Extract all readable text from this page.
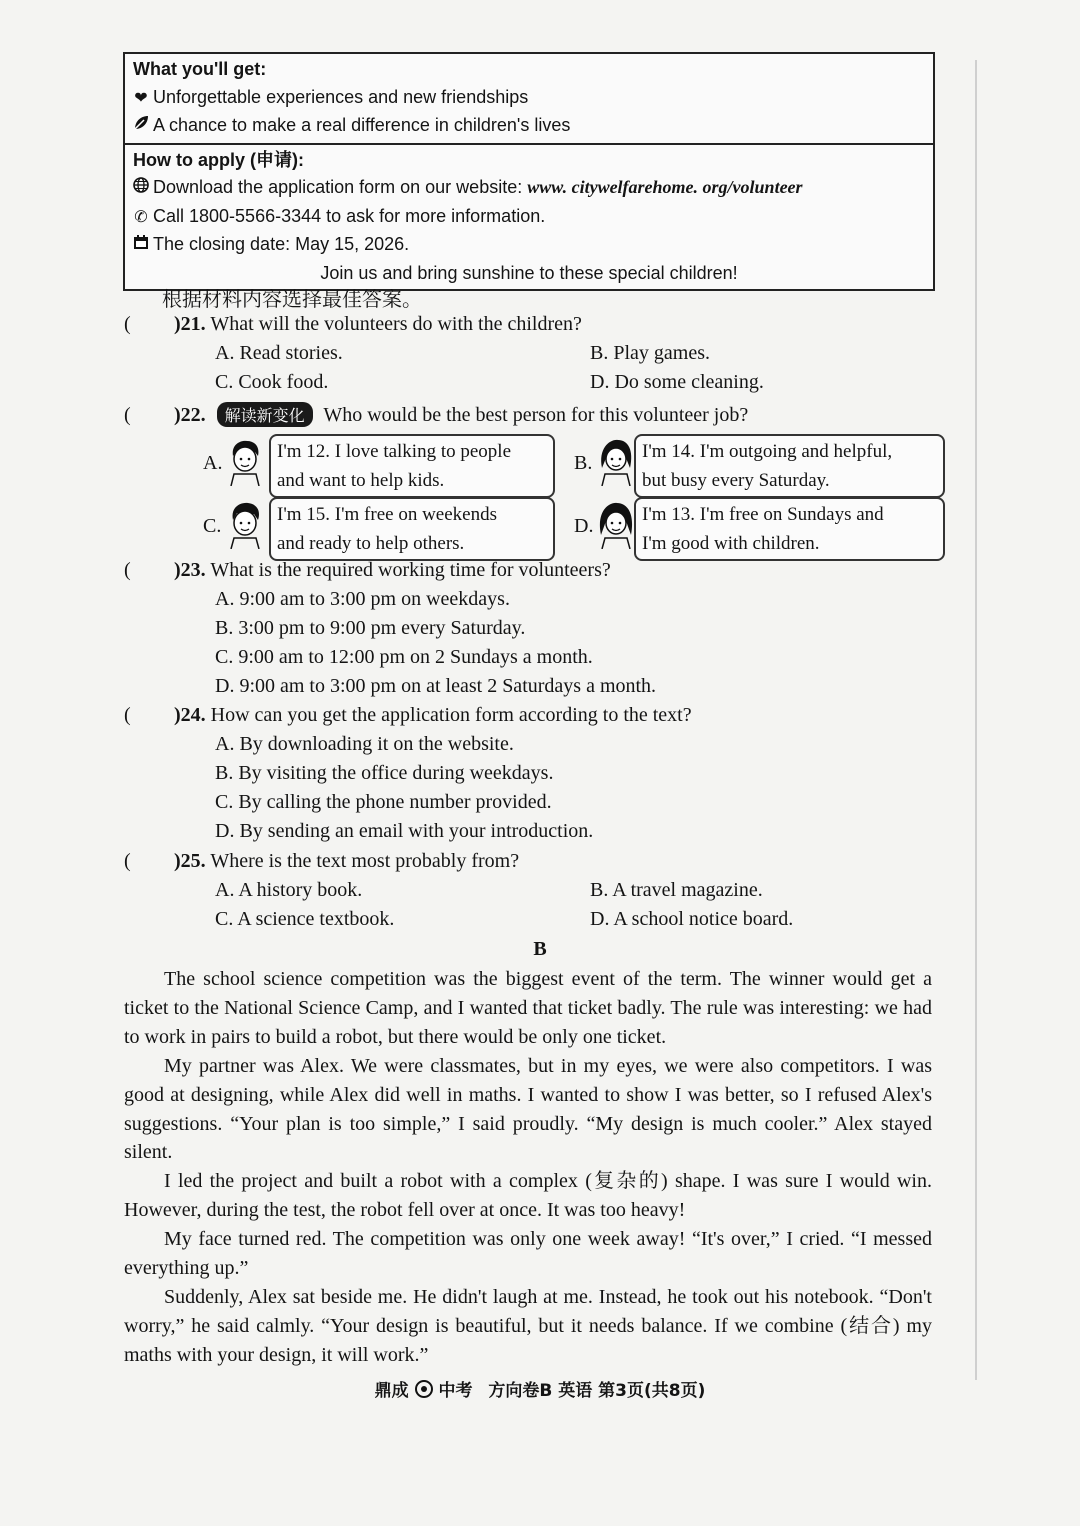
What you'll get:
❤ Unforgettable experiences and new friendships
A chance to make a real difference in children's lives
How to apply (申请):
Download the application form on our website: www. citywelfarehome. org/volunteer
✆ Call 1800-5566-3344 to ask for more information.
The closing date: May 15, 2026.
Join us and bring sunshine to these special children!
根据材料内容选择最佳答案。
( )21. What will the volunteers do with the children?
A. Read stories.	B. Play games.
C. Cook food.	D. Do some cleaning.
( )22. 解读新变化 Who would be the best person for this volunteer job?
A.
I'm 12. I love talking to people
and want to help kids.
B.
I'm 14. I'm outgoing and helpful,
but busy every Saturday.
C.
I'm 15. I'm free on weekends
and ready to help others.
D.
I'm 13. I'm free on Sundays and
I'm good with children.
( )23. What is the required working time for volunteers?
A. 9:00 am to 3:00 pm on weekdays.
B. 3:00 pm to 9:00 pm every Saturday.
C. 9:00 am to 12:00 pm on 2 Sundays a month.
D. 9:00 am to 3:00 pm on at least 2 Saturdays a month.
( )24. How can you get the application form according to the text?
A. By downloading it on the website.
B. By visiting the office during weekdays.
C. By calling the phone number provided.
D. By sending an email with your introduction.
( )25. Where is the text most probably from?
A. A history book.	B. A travel magazine.
C. A science textbook.	D. A school notice board.
B

The school science competition was the biggest event of the term. The winner would get a ticket to the National Science Camp, and I wanted that ticket badly. The rule was interesting: we had to work in pairs to build a robot, but there would be only one ticket.

My partner was Alex. We were classmates, but in my eyes, we were also competitors. I was good at designing, while Alex did well in maths. I wanted to show I was better, so I refused Alex's suggestions. “Your plan is too simple,” I said proudly. “My design is much cooler.” Alex stayed silent.

I led the project and built a robot with a complex (复杂的) shape. I was sure I would win. However, during the test, the robot fell over at once. It was too heavy!

My face turned red. The competition was only one week away! “It's over,” I cried. “I messed everything up.”

Suddenly, Alex sat beside me. He didn't laugh at me. Instead, he took out his notebook. “Don't worry,” he said calmly. “Your design is beautiful, but it needs balance. If we combine (结合) my maths with your design, it will work.”

鼎成 中考 方向卷B 英语 第3页(共8页)
